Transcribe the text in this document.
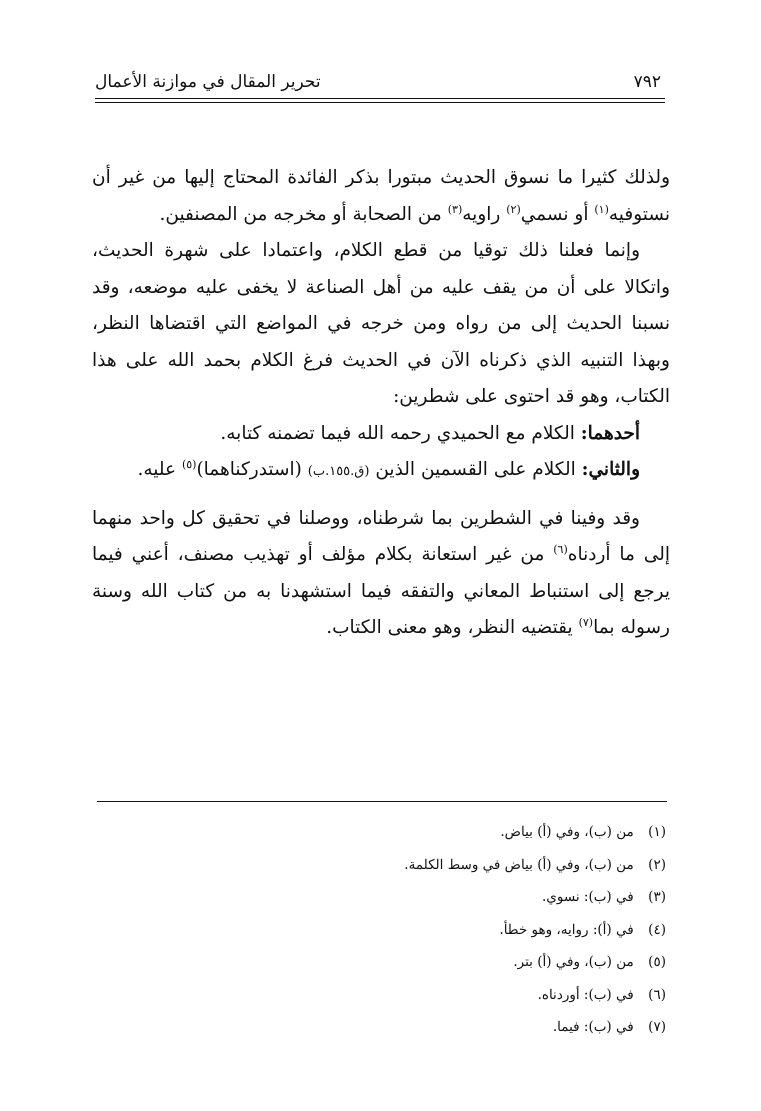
٧٩٢
تحرير المقال في موازنة الأعمال

ولذلك كثيرا ما نسوق الحديث مبتورا بذكر الفائدة المحتاج إليها من غير أن نستوفيه$^{(١)}$ أو نسمي$^{(٢)}$ راويه$^{(٣)}$ من الصحابة أو مخرجه من المصنفين.

وإنما فعلنا ذلك توقيا من قطع الكلام، واعتمادا على شهرة الحديث، واتكالا على أن من يقف عليه من أهل الصناعة لا يخفى عليه موضعه، وقد نسبنا الحديث إلى من رواه ومن خرجه في المواضع التي اقتضاها النظر، وبهذا التنبيه الذي ذكرناه الآن في الحديث فرغ الكلام بحمد الله على هذا الكتاب، وهو قد احتوى على شطرين:

أحدهما: الكلام مع الحميدي رحمه الله فيما تضمنه كتابه.

والثاني: الكلام على القسمين الذين (ق.١٥٥.ب) (استدركناهما)$^{(٥)}$ عليه.

وقد وفينا في الشطرين بما شرطناه، ووصلنا في تحقيق كل واحد منهما إلى ما أردناه$^{(٦)}$ من غير استعانة بكلام مؤلف أو تهذيب مصنف، أعني فيما يرجع إلى استنباط المعاني والتفقه فيما استشهدنا به من كتاب الله وسنة رسوله بما$^{(٧)}$ يقتضيه النظر، وهو معنى الكتاب.

(١) من (ب)، وفي (أ) بياض.
(٢) من (ب)، وفي (أ) بياض في وسط الكلمة.
(٣) في (ب): نسوي.
(٤) في (أ): روايه، وهو خطأ.
(٥) من (ب)، وفي (أ) بتر.
(٦) في (ب): أوردناه.
(٧) في (ب): فيما.
